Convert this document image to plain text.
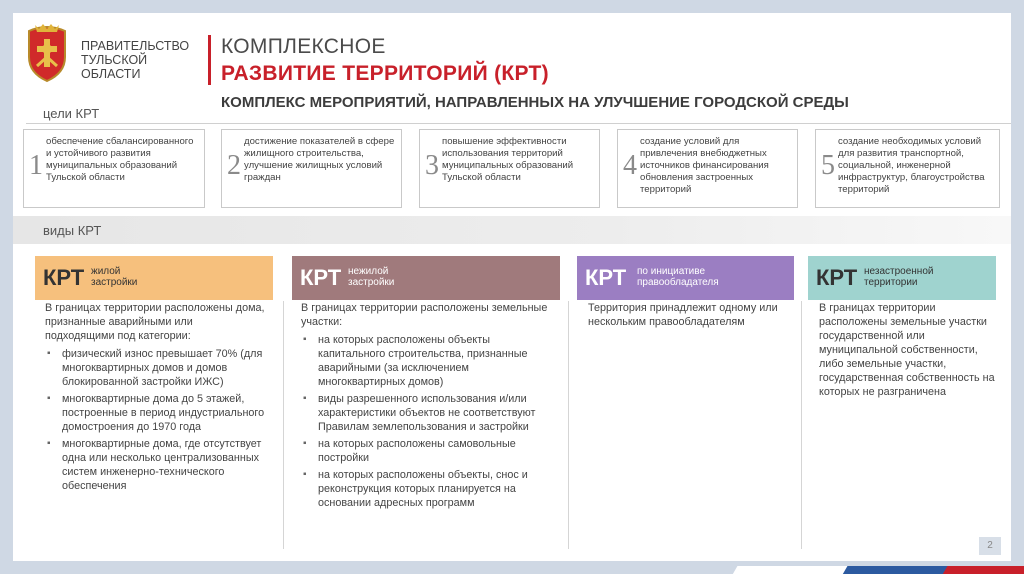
ПРАВИТЕЛЬСТВО
ТУЛЬСКОЙ
ОБЛАСТИ
КОМПЛЕКСНОЕ
РАЗВИТИЕ ТЕРРИТОРИЙ (КРТ)
КОМПЛЕКС МЕРОПРИЯТИЙ, НАПРАВЛЕННЫХ НА УЛУЧШЕНИЕ ГОРОДСКОЙ СРЕДЫ
цели КРТ
1
обеспечение сбалансированного и устойчивого развития муниципальных образований Тульской области	2
достижение показателей в сфере жилищного строительства, улучшение жилищных условий граждан	3
повышение эффективности использования территорий муниципальных образований Тульской области	4
создание условий для привлечения внебюджетных источников финансирования обновления застроенных территорий
5
создание необходимых условий для развития транспортной, социальной, инженерной инфраструктур, благоустройства территорий
виды КРТ
КРТ жилой
застройки	КРТ нежилой
застройки	КРТ по инициативе
правообладателя	КРТ незастроенной
территории

В границах территории расположены дома, признанные аварийными или подходящими под категории:

▪ физический износ превышает 70% (для многоквартирных домов и домов блокированной застройки ИЖС)
▪ многоквартирные дома до 5 этажей, построенные в период индустриального домостроения до 1970 года
▪ многоквартирные дома, где отсутствует одна или несколько централизованных систем инженерно-технического обеспечения

В границах территории расположены земельные участки:

▪ на которых расположены объекты капитального строительства, признанные аварийными (за исключением многоквартирных домов)
▪ виды разрешенного использования и/или характеристики объектов не соответствуют Правилам землепользования и застройки
▪ на которых расположены самовольные постройки
▪ на которых расположены объекты, снос и реконструкция которых планируется на основании адресных программ

Территория принадлежит одному или нескольким правообладателям

В границах территории расположены земельные участки государственной или муниципальной собственности, либо земельные участки, государственная собственность на которых не разграничена

2
